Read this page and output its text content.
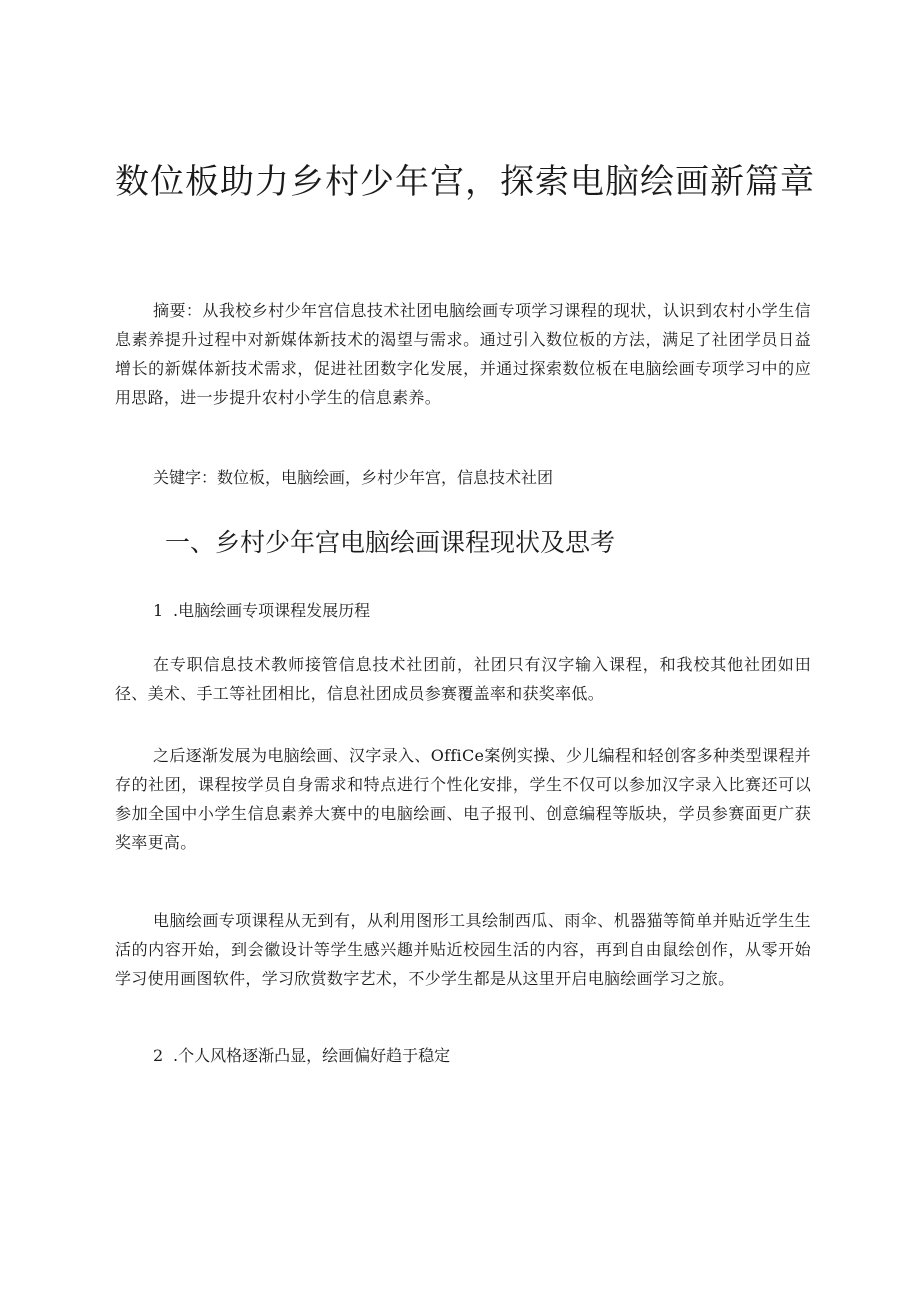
数位板助力乡村少年宫，探索电脑绘画新篇章

摘要：从我校乡村少年宫信息技术社团电脑绘画专项学习课程的现状，认识到农村小学生信息素养提升过程中对新媒体新技术的渴望与需求。通过引入数位板的方法，满足了社团学员日益增长的新媒体新技术需求，促进社团数字化发展，并通过探索数位板在电脑绘画专项学习中的应用思路，进一步提升农村小学生的信息素养。

关键字：数位板，电脑绘画，乡村少年宫，信息技术社团

一、乡村少年宫电脑绘画课程现状及思考

1 .电脑绘画专项课程发展历程

在专职信息技术教师接管信息技术社团前，社团只有汉字输入课程，和我校其他社团如田径、美术、手工等社团相比，信息社团成员参赛覆盖率和获奖率低。

之后逐渐发展为电脑绘画、汉字录入、OffiCe案例实操、少儿编程和轻创客多种类型课程并存的社团，课程按学员自身需求和特点进行个性化安排，学生不仅可以参加汉字录入比赛还可以参加全国中小学生信息素养大赛中的电脑绘画、电子报刊、创意编程等版块，学员参赛面更广获奖率更高。

电脑绘画专项课程从无到有，从利用图形工具绘制西瓜、雨伞、机器猫等简单并贴近学生生活的内容开始，到会徽设计等学生感兴趣并贴近校园生活的内容，再到自由鼠绘创作，从零开始学习使用画图软件，学习欣赏数字艺术，不少学生都是从这里开启电脑绘画学习之旅。

2 .个人风格逐渐凸显，绘画偏好趋于稳定
